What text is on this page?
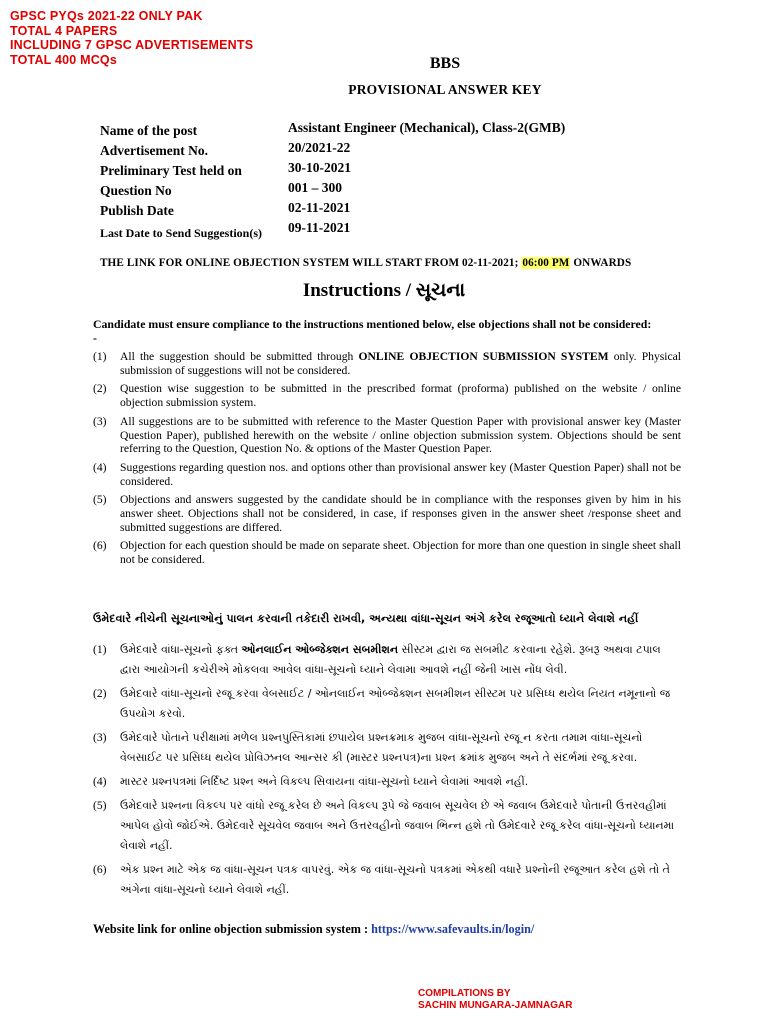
GPSC PYQs 2021-22 ONLY PAK
TOTAL 4 PAPERS
INCLUDING 7 GPSC ADVERTISEMENTS
TOTAL 400 MCQs	BBS
PROVISIONAL ANSWER KEY
Name of the post	Assistant Engineer (Mechanical), Class-2(GMB)
Advertisement No.	20/2021-22
Preliminary Test held on	30-10-2021
Question No	001 – 300
Publish Date	02-11-2021
Last Date to Send Suggestion(s) 09-11-2021
THE LINK FOR ONLINE OBJECTION SYSTEM WILL START FROM 02-11-2021; 06:00 PM ONWARDS
Instructions / સૂચના
Candidate must ensure compliance to the instructions mentioned below, else objections shall not be considered: -
(1) All the suggestion should be submitted through ONLINE OBJECTION SUBMISSION SYSTEM only. Physical submission of suggestions will not be considered.
(2) Question wise suggestion to be submitted in the prescribed format (proforma) published on the website / online objection submission system.
(3) All suggestions are to be submitted with reference to the Master Question Paper with provisional answer key (Master Question Paper), published herewith on the website / online objection submission system. Objections should be sent referring to the Question, Question No. & options of the Master Question Paper.
(4) Suggestions regarding question nos. and options other than provisional answer key (Master Question Paper) shall not be considered.
(5) Objections and answers suggested by the candidate should be in compliance with the responses given by him in his answer sheet. Objections shall not be considered, in case, if responses given in the answer sheet /response sheet and submitted suggestions are differed.
(6) Objection for each question should be made on separate sheet. Objection for more than one question in single sheet shall not be considered.
ઉમેદવારે નીચેની સૂચનાઓનું પાલન કરવાની તકેદારી રાખવી, અન્યથા વાંધા-સૂચન અંગે કરેલ રજૂઆતો ધ્યાને લેવાશે નહીં
(1) ઉમેદવારે વાંધા-સૂચનો ફક્ત ઓનલાઈન ઓબ્જેક્શન સબમીશન સીસ્ટમ દ્વારા જ સબમીટ કરવાના રહેશે. રૂબરૂ અથવા ટપાલ દ્વારા આયોગની કચેરીએ મોકલવા આવેલ વાંધા-સૂચનો ધ્યાને લેવામા આવશે નહીં જેની ખાસ નોંધ લેવી.
(2) ઉમેદવારે વાંધા-સૂચનો રજૂ કરવા વેબસાઈટ / ઓનલાઈન ઓબ્જેક્શન સબમીશન સીસ્ટમ પર પ્રસિધ્ધ થયેલ નિયત નમૂનાનો જ ઉપયોગ કરવો.
(3) ઉમેદવારે પોતાને પરીક્ષામાં મળેલ પ્રશ્નપુસ્તિકામાં છપાયેલ પ્રશ્નક્રમાક મુજબ વાંધા-સૂચનો રજૂ ન કરતા તમામ વાંધા-સૂચનો વેબસાઈટ પર પ્રસિધ્ધ થયેલ પ્રોવિઝનલ આન્સર કી (માસ્ટર પ્રશ્નપત્ર)ના પ્રશ્ન ક્રમાંક મુજબ અને તે સંદર્ભમાં રજૂ કરવા.
(4) માસ્ટર પ્રશ્નપત્રમાં નિર્દિષ્ટ પ્રશ્ન અને વિકલ્પ સિવાયના વાંધા-સૂચનો ધ્યાને લેવામાં આવશે નહીં.
(5) ઉમેદવારે પ્રશ્નના વિકલ્પ પર વાંધો રજૂ કરેલ છે અને વિકલ્પ રૂપે જે જવાબ સૂચવેલ છે એ જવાબ ઉમેદવારે પોતાની ઉત્તરવહીમાં આપેલ હોવો જોઈએ. ઉમેદવારે સૂચવેલ જવાબ અને ઉત્તરવહીનો જવાબ ભિન્ન હશે તો ઉમેદવારે રજૂ કરેલ વાંધા-સૂચનો ધ્યાનમા લેવાશે નહીં.
(6) એક પ્રશ્ન માટે એક જ વાંધા-સૂચન પત્રક વાપરવું. એક જ વાંધા-સૂચનો પત્રકમાં એકથી વધારે પ્રશ્નોની રજૂઆત કરેલ હશે તો તે અંગેના વાંધા-સૂચનો ધ્યાને લેવાશે નહીં.
Website link for online objection submission system : https://www.safevaults.in/login/
COMPILATIONS BY
SACHIN MUNGARA-JAMNAGAR
